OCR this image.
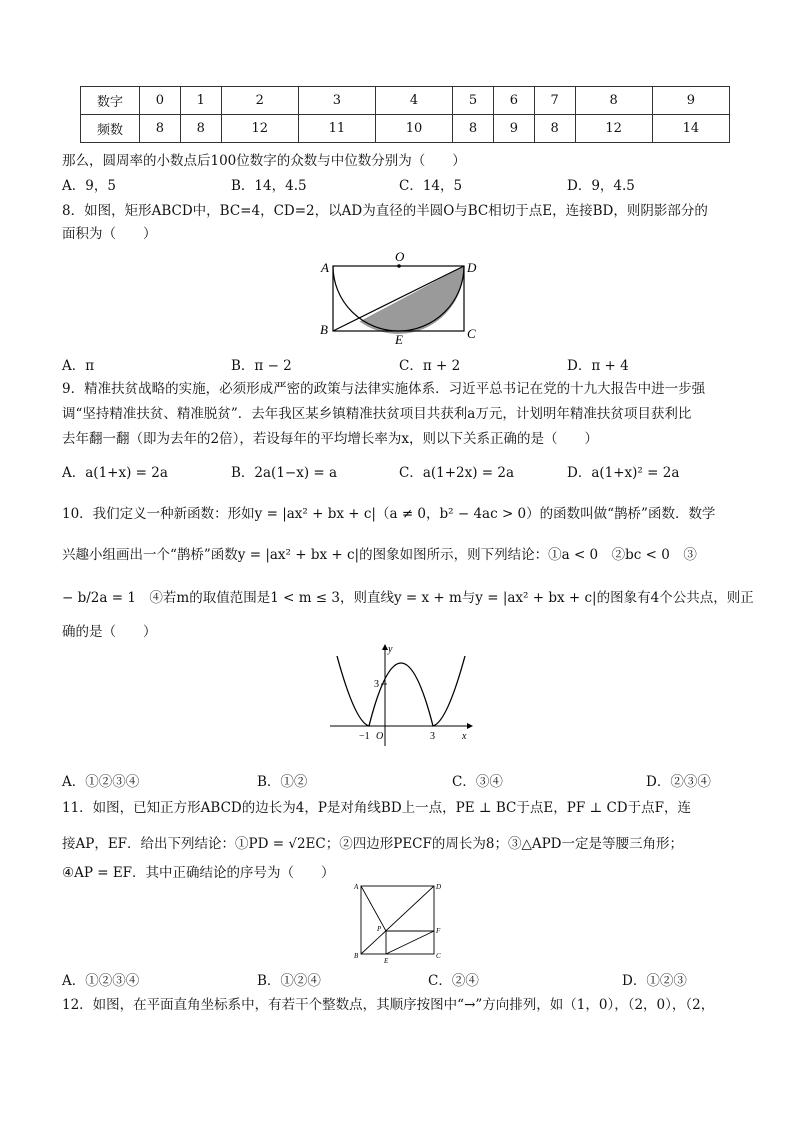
数字	0	1	2	3	4	5	6	7	8	9
频数	8	8	12	11	10	8	9	8	12	14
那么，圆周率的小数点后100位数字的众数与中位数分别为（　　）
A．9，5	B．14，4.5	C．14，5	D．9，4.5
8．如图，矩形ABCD中，BC=4，CD=2，以AD为直径的半圆O与BC相切于点E，连接BD，则阴影部分的
面积为（　　）
A
O
D
B
E	C
A．π	B．π − 2	C．π + 2	D．π + 4
9．精准扶贫战略的实施，必须形成严密的政策与法律实施体系．习近平总书记在党的十九大报告中进一步强
调“坚持精准扶贫、精准脱贫”．去年我区某乡镇精准扶贫项目共获利a万元，计划明年精准扶贫项目获利比
去年翻一翻（即为去年的2倍），若设每年的平均增长率为x，则以下关系正确的是（　　）
A．a(1+x) = 2a	B．2a(1−x) = a	C．a(1+2x) = 2a	D．a(1+x)² = 2a
10．我们定义一种新函数：形如y = |ax² + bx + c|（a ≠ 0，b² − 4ac > 0）的函数叫做“鹊桥”函数．数学
兴趣小组画出一个“鹊桥”函数y = |ax² + bx + c|的图象如图所示，则下列结论：①a < 0　②bc < 0　③
− b/2a = 1　④若m的取值范围是1 < m ≤ 3，则直线y = x + m与y = |ax² + bx + c|的图象有4个公共点，则正
确的是（　　）
y
x
3
−1 O	3
A．①②③④	B．①②	C．③④	D．②③④
11．如图，已知正方形ABCD的边长为4，P是对角线BD上一点，PE ⊥ BC于点E，PF ⊥ CD于点F，连
接AP，EF．给出下列结论：①PD = √2EC；②四边形PECF的周长为8；③△APD一定是等腰三角形；
④AP = EF．其中正确结论的序号为（　　）
A	D
P	F
B
E
C
A．①②③④	B．①②④	C．②④	D．①②③
12．如图，在平面直角坐标系中，有若干个整数点，其顺序按图中“→”方向排列，如（1，0），（2，0），（2，
